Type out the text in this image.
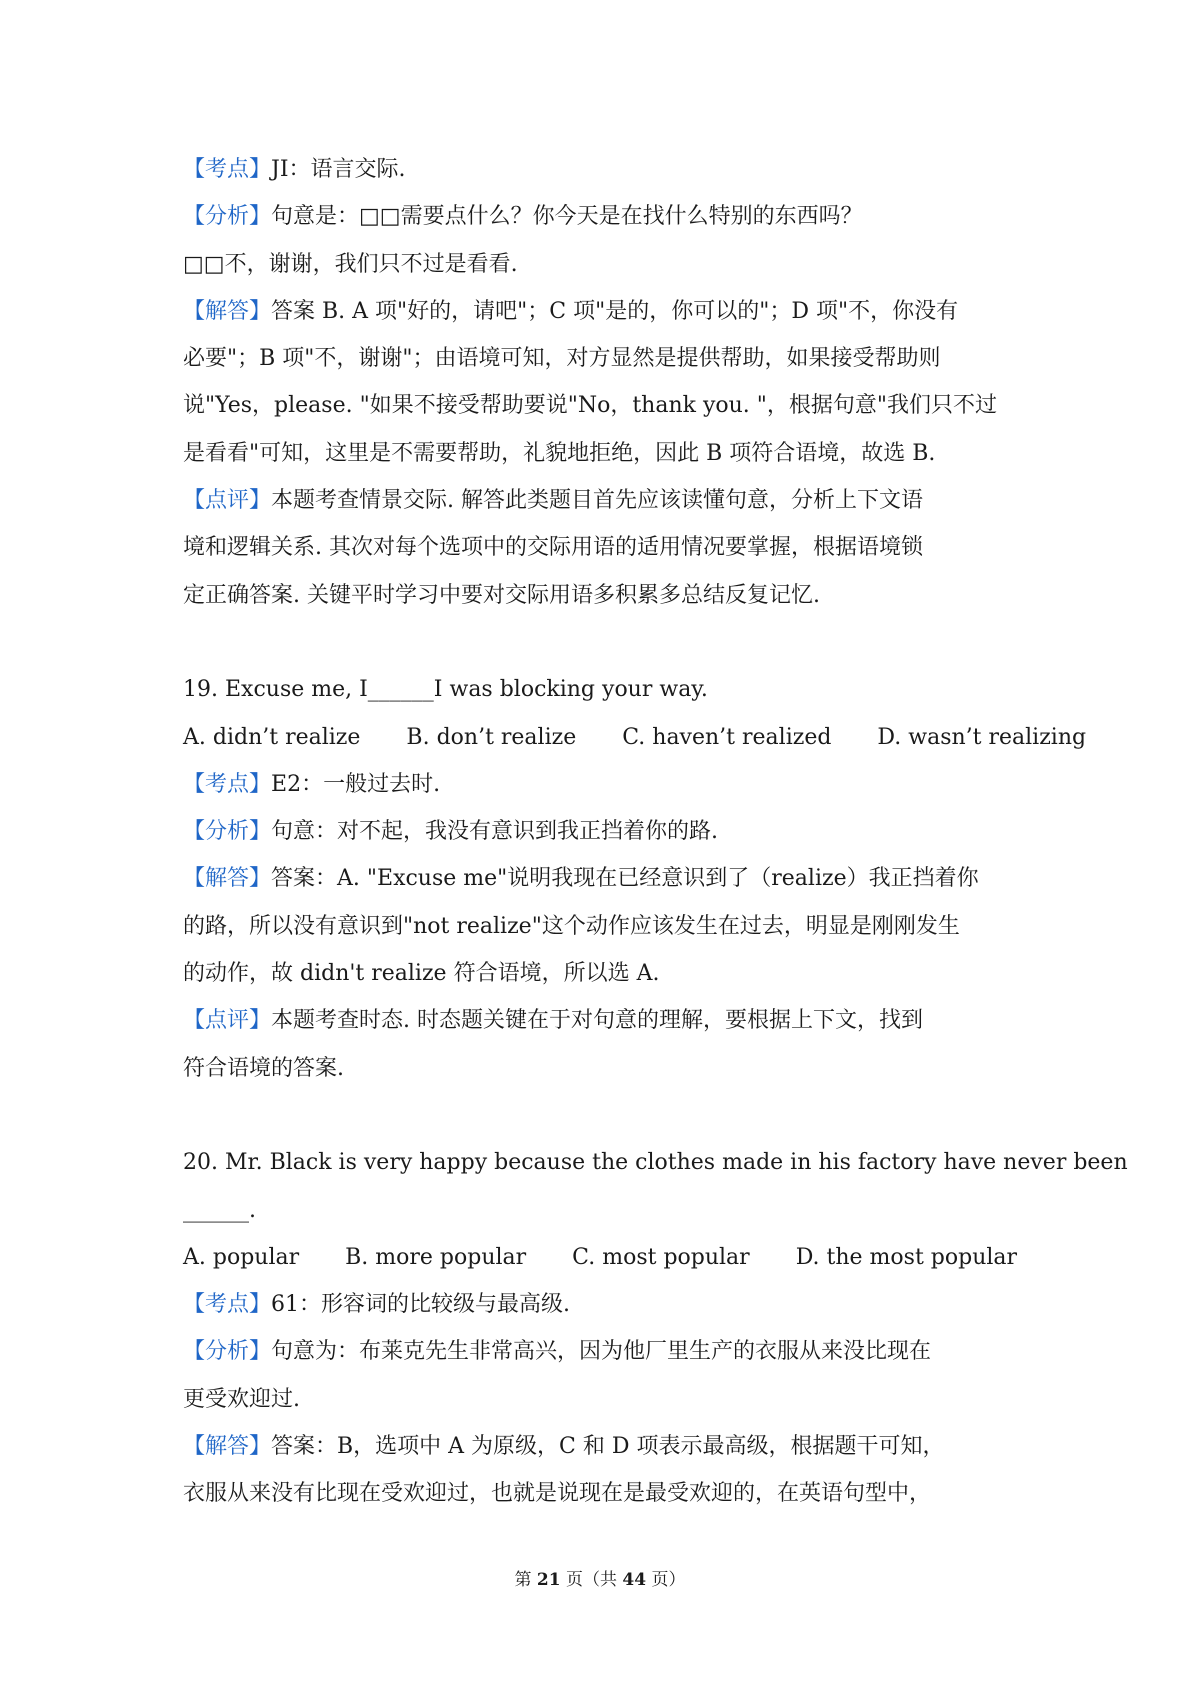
【考点】JI：语言交际.
【分析】句意是：□□需要点什么？你今天是在找什么特别的东西吗？
□□不，谢谢，我们只不过是看看.
【解答】答案 B. A 项"好的，请吧"；C 项"是的，你可以的"；D 项"不，你没有
必要"；B 项"不，谢谢"；由语境可知，对方显然是提供帮助，如果接受帮助则
说"Yes，please. "如果不接受帮助要说"No，thank you. "，根据句意"我们只不过
是看看"可知，这里是不需要帮助，礼貌地拒绝，因此 B 项符合语境，故选 B.
【点评】本题考查情景交际. 解答此类题目首先应该读懂句意，分析上下文语
境和逻辑关系. 其次对每个选项中的交际用语的适用情况要掌握，根据语境锁
定正确答案. 关键平时学习中要对交际用语多积累多总结反复记忆.
19. Excuse me, I______I was blocking your way.
A. didn’t realize B. don’t realize C. haven’t realized D. wasn’t realizing
【考点】E2：一般过去时.
【分析】句意：对不起，我没有意识到我正挡着你的路.
【解答】答案：A. "Excuse me"说明我现在已经意识到了（realize）我正挡着你
的路，所以没有意识到"not realize"这个动作应该发生在过去，明显是刚刚发生
的动作，故 didn't realize 符合语境，所以选 A.
【点评】本题考查时态. 时态题关键在于对句意的理解，要根据上下文，找到
符合语境的答案.
20. Mr. Black is very happy because the clothes made in his factory have never been
______.
A. popular B. more popular C. most popular D. the most popular
【考点】61：形容词的比较级与最高级.
【分析】句意为：布莱克先生非常高兴，因为他厂里生产的衣服从来没比现在
更受欢迎过.
【解答】答案：B，选项中 A 为原级，C 和 D 项表示最高级，根据题干可知，
衣服从来没有比现在受欢迎过，也就是说现在是最受欢迎的，在英语句型中，
第 21 页（共 44 页）
